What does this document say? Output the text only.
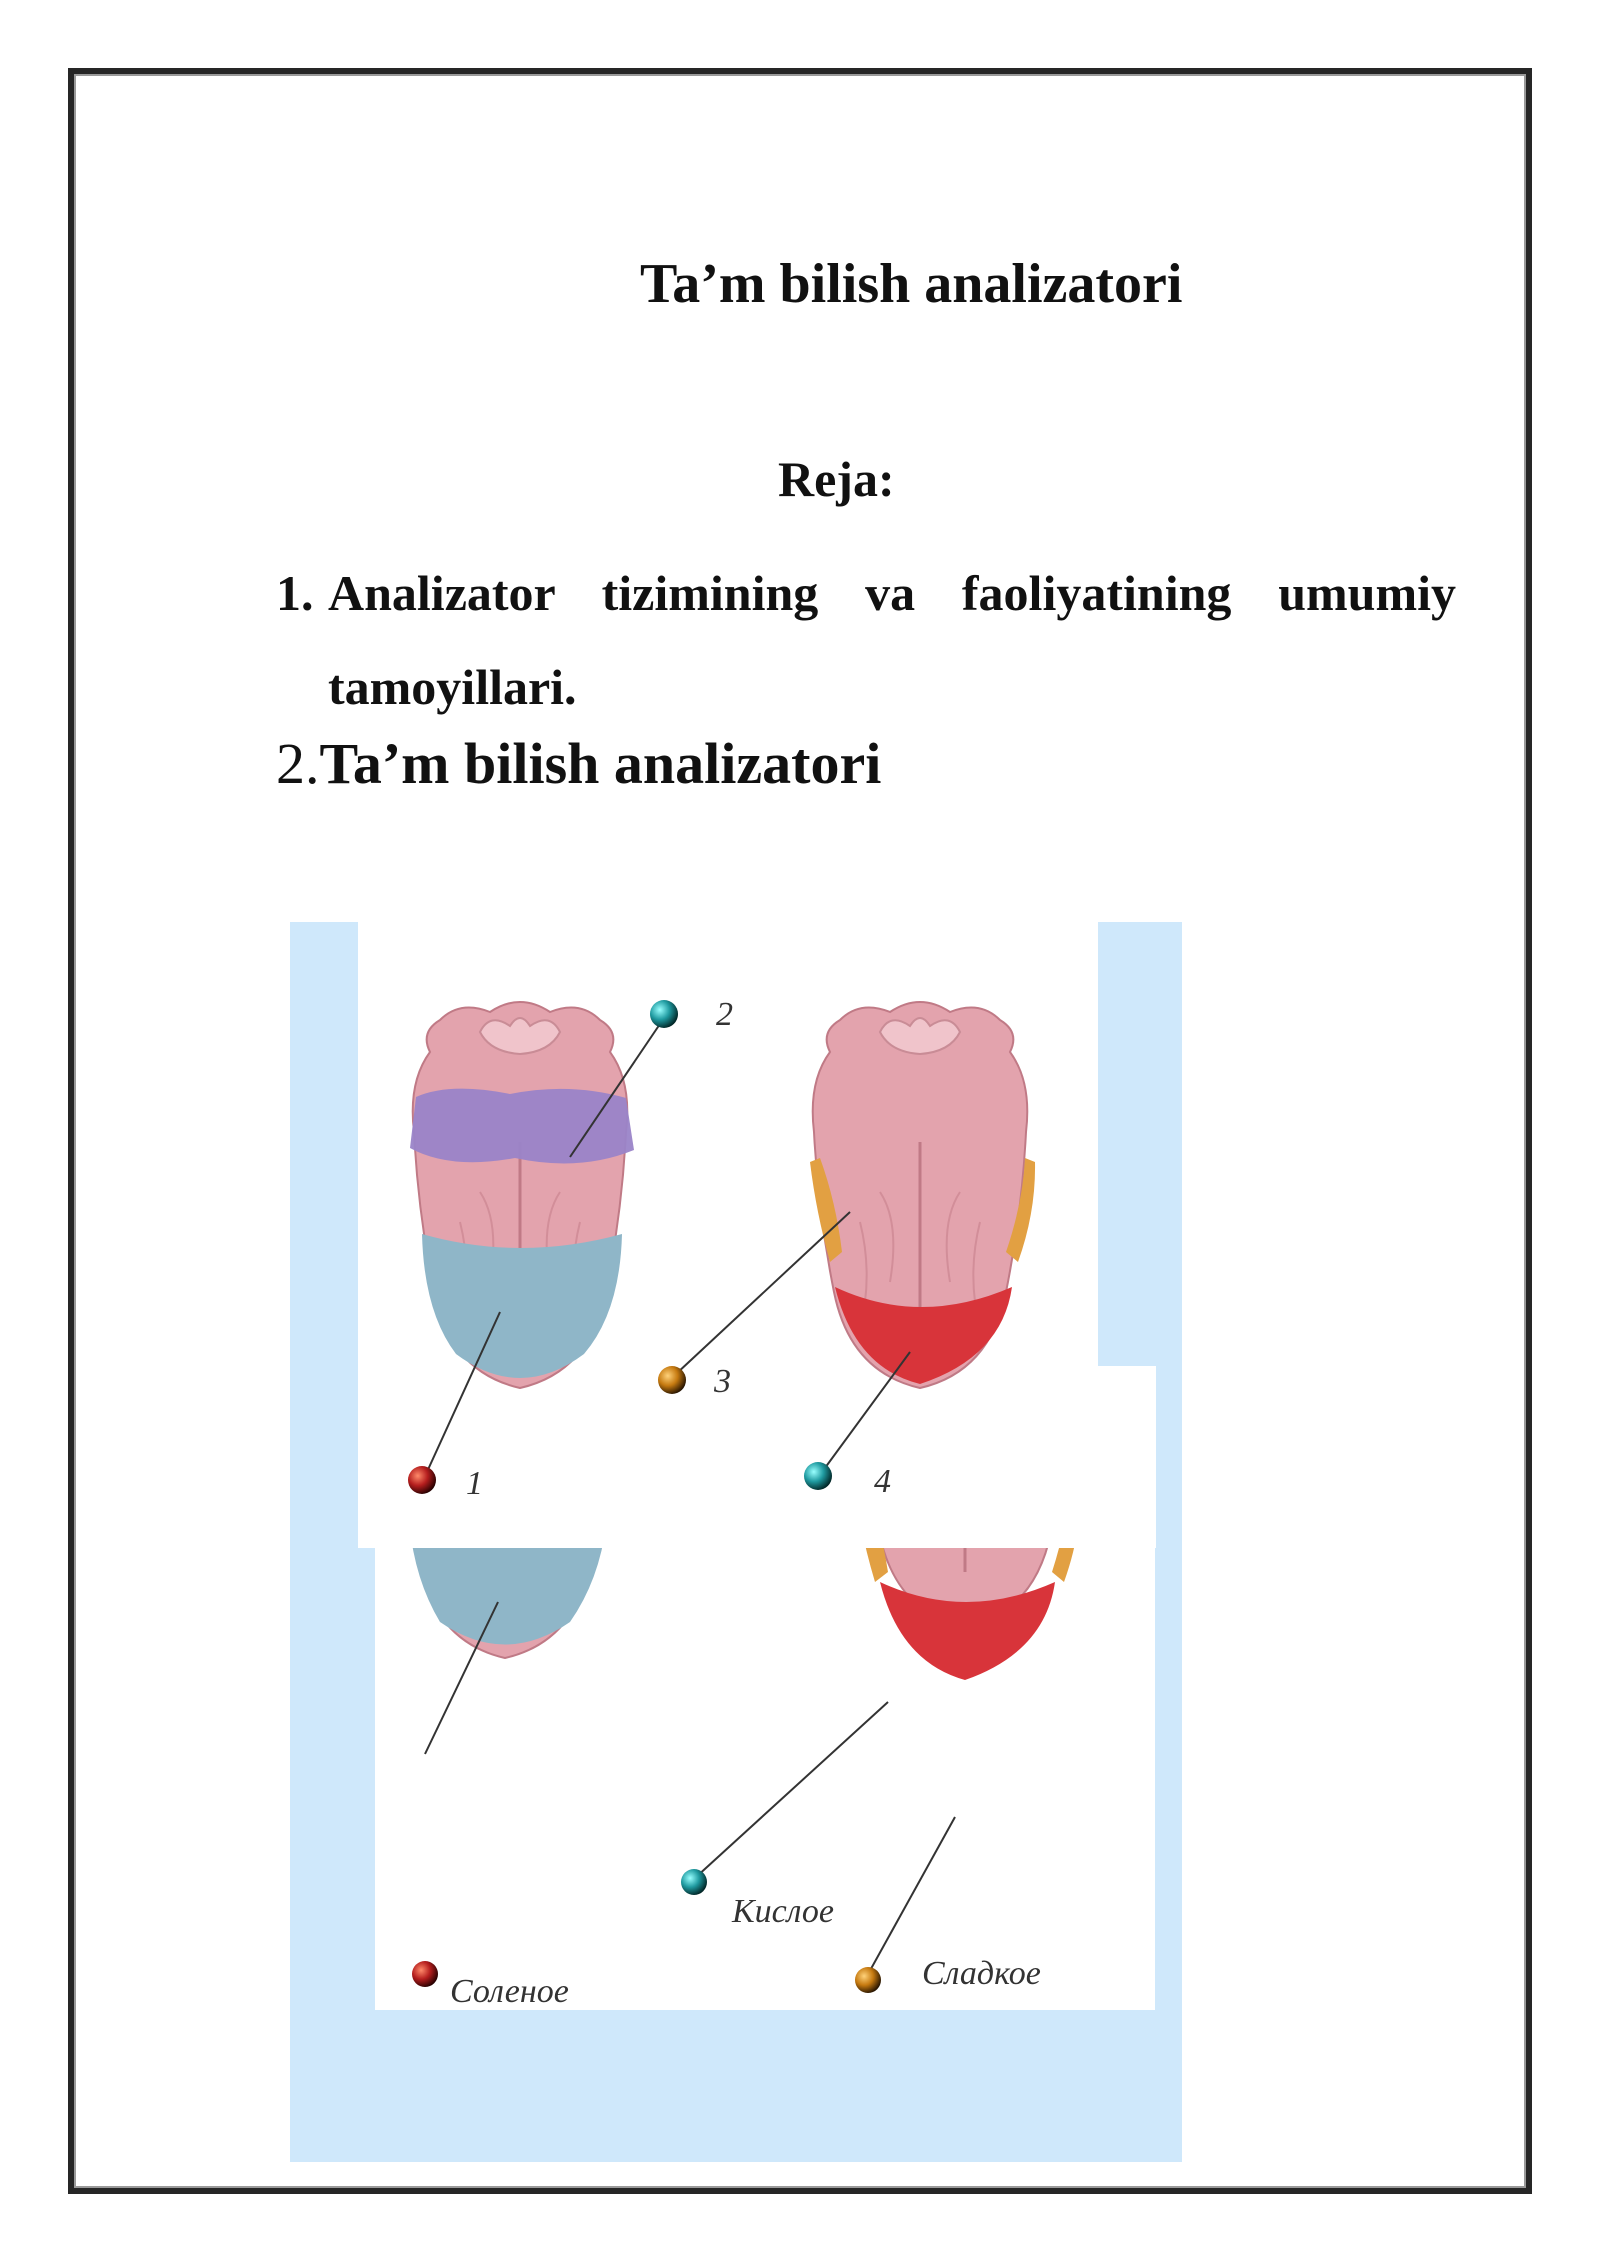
Ta’m bilish analizatori
Reja:
1. Analizator tizimining va faoliyatining umumiy tamoyillari.
2.Ta’m bilish analizatori
Соленое
Кислое
Сладкое
2
1
3
4
